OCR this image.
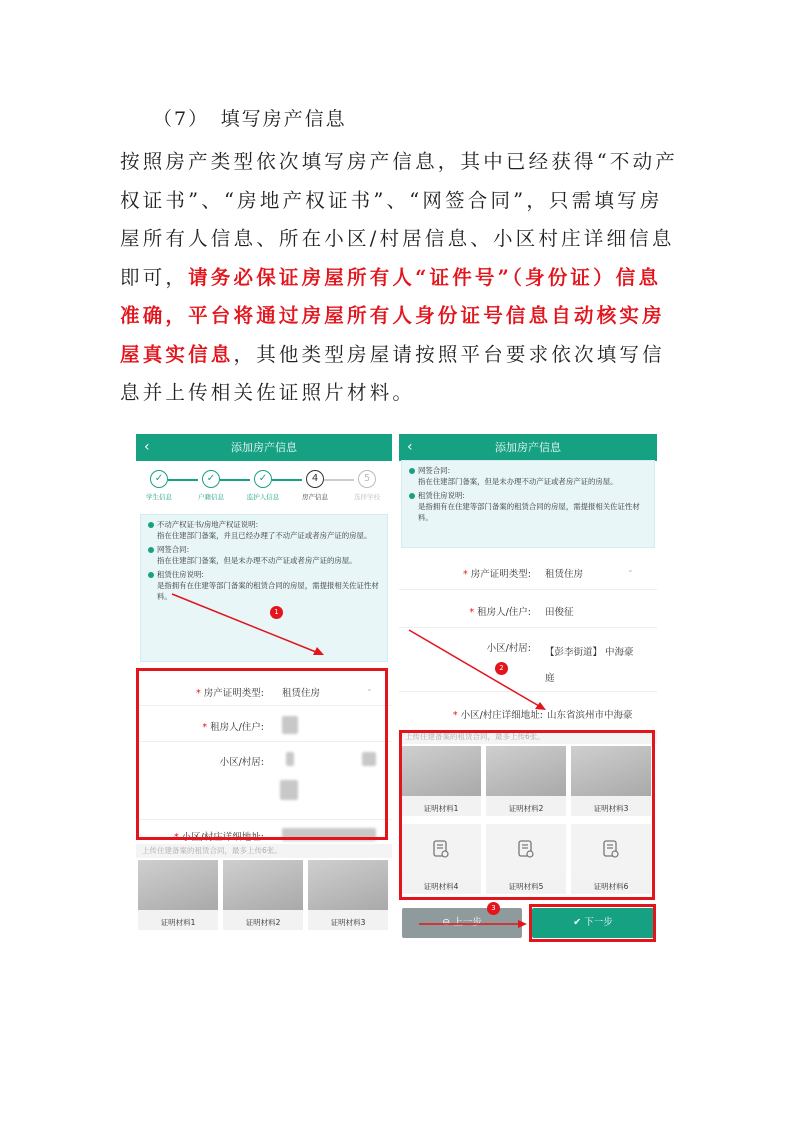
（7）　填写房产信息
按照房产类型依次填写房产信息，其中已经获得“不动产权证书”、“房地产权证书”、“网签合同”，只需填写房屋所有人信息、所在小区/村居信息、小区村庄详细信息即可，请务必保证房屋所有人“证件号”（身份证）信息准确，平台将通过房屋所有人身份证号信息自动核实房屋真实信息，其他类型房屋请按照平台要求依次填写信息并上传相关佐证照片材料。
‹	添加房产信息
✓
学生信息
✓
户籍信息
✓
监护人信息
4
房产信息
5
选择学校
不动产权证书/房地产权证说明:
指在住建部门备案，并且已经办理了不动产证或者房产证的房屋。
网签合同:
指在住建部门备案，但是未办理不动产证或者房产证的房屋。
租赁住房说明:
是指拥有在住建等部门备案的租赁合同的房屋，需提报相关佐证性材料。
* 房产证明类型: 租赁住房	⌄
* 租房人/住户:
小区/村居:
* 小区/村庄详细地址:
上传住建备案的租赁合同，最多上传6张。
证明材料1	证明材料2	证明材料3
1
‹	添加房产信息
网签合同:
指在住建部门备案，但是未办理不动产证或者房产证的房屋。
租赁住房说明:
是指拥有在住建等部门备案的租赁合同的房屋，需提报相关佐证性材料。
* 房产证明类型: 租赁住房	⌄
* 租房人/住户: 田俊征
小区/村居: 【彭李街道】 中海豪庭
* 小区/村庄详细地址: 山东省滨州市中海豪
上传住建备案的租赁合同，最多上传6张。
证明材料1	证明材料2	证明材料3
证明材料4	证明材料5	证明材料6
⊖ 上一步	✔ 下一步
2
3
